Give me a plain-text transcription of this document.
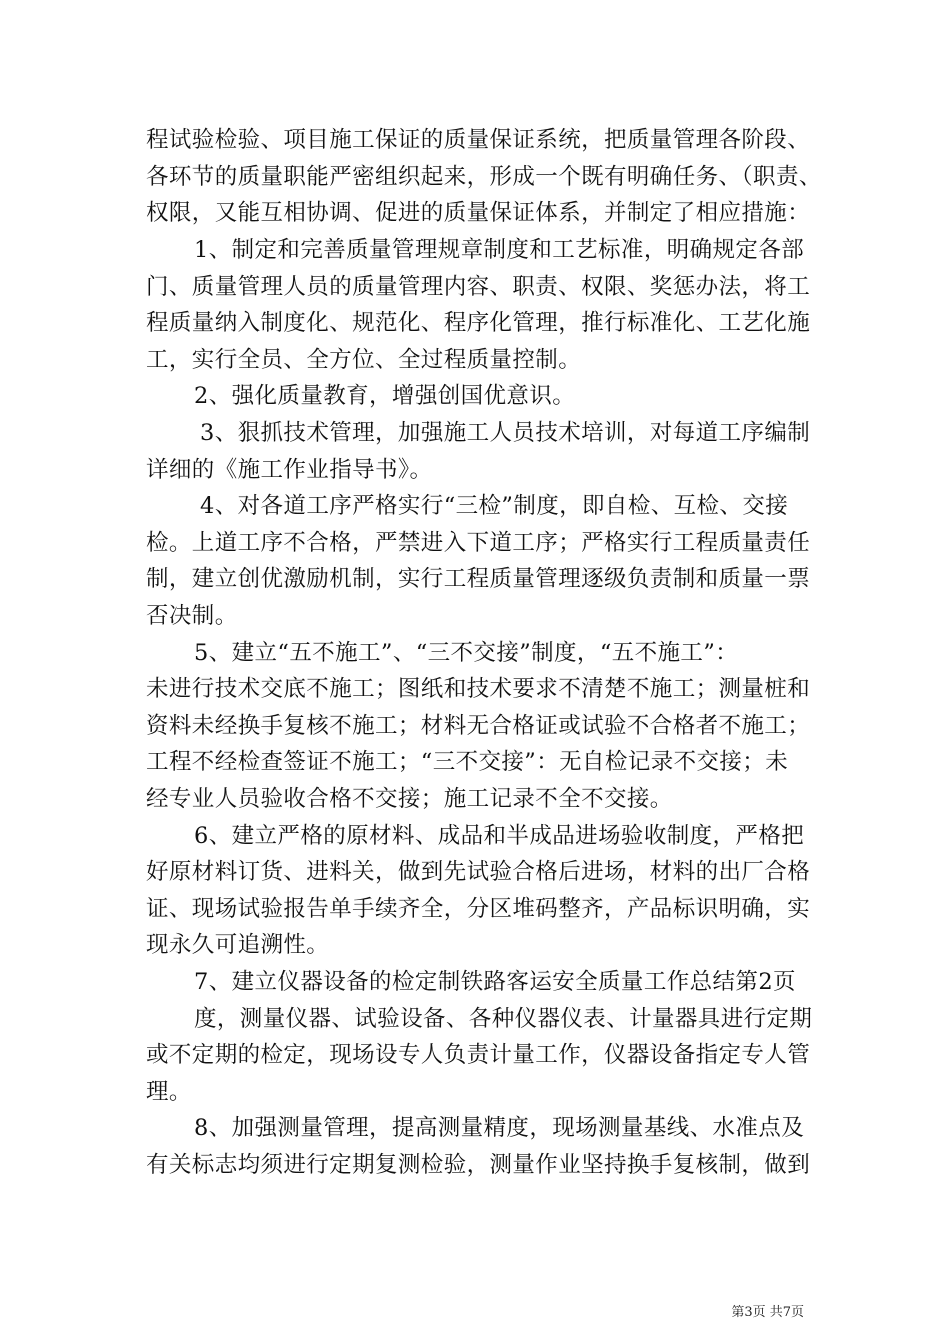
程试验检验、项目施工保证的质量保证系统，把质量管理各阶段、
各环节的质量职能严密组织起来，形成一个既有明确任务、（职责、
权限，又能互相协调、促进的质量保证体系，并制定了相应措施：
1、制定和完善质量管理规章制度和工艺标准，明确规定各部
门、质量管理人员的质量管理内容、职责、权限、奖惩办法，将工
程质量纳入制度化、规范化、程序化管理，推行标准化、工艺化施
工，实行全员、全方位、全过程质量控制。
2、强化质量教育，增强创国优意识。
3、狠抓技术管理，加强施工人员技术培训，对每道工序编制
详细的《施工作业指导书》。
4、对各道工序严格实行“三检”制度，即自检、互检、交接
检。上道工序不合格，严禁进入下道工序；严格实行工程质量责任
制，建立创优激励机制，实行工程质量管理逐级负责制和质量一票
否决制。
5、建立“五不施工”、“三不交接”制度，“五不施工”：
未进行技术交底不施工；图纸和技术要求不清楚不施工；测量桩和
资料未经换手复核不施工；材料无合格证或试验不合格者不施工；
工程不经检查签证不施工；“三不交接”：无自检记录不交接；未
经专业人员验收合格不交接；施工记录不全不交接。
6、建立严格的原材料、成品和半成品进场验收制度，严格把
好原材料订货、进料关，做到先试验合格后进场，材料的出厂合格
证、现场试验报告单手续齐全，分区堆码整齐，产品标识明确，实
现永久可追溯性。
7、建立仪器设备的检定制铁路客运安全质量工作总结第2页
度，测量仪器、试验设备、各种仪器仪表、计量器具进行定期
或不定期的检定，现场设专人负责计量工作，仪器设备指定专人管
理。
8、加强测量管理，提高测量精度，现场测量基线、水准点及
有关标志均须进行定期复测检验，测量作业坚持换手复核制，做到
第3页 共7页
